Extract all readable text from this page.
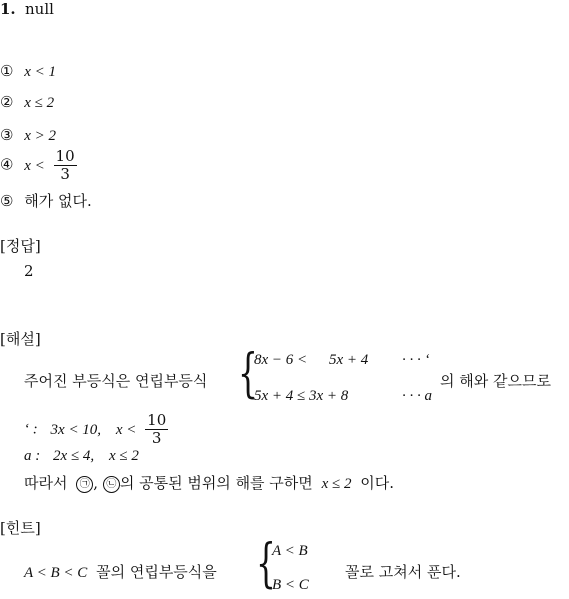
1. null
① x < 1
② x ≤ 2
③ x > 2
④ $x < \frac{10}{3}$
⑤ 해가 없다.
[정답]
2
[해설]
주어진 부등식은 연립부등식 {
8x − 6 < 5x + 4 · · · ‘
5x + 4 ≤ 3x + 8	· · · a
의 해와 같으므로
‘ : 3x < 10, $x < \frac{10}{3}$
a : 2x ≤ 4, x ≤ 2
따라서 ㉠ , ㉡ 의 공통된 범위의 해를 구하면 x ≤ 2 이다.
[힌트]
A < B < C 꼴의 연립부등식을 {
A < B
B < C
꼴로 고쳐서 푼다.
